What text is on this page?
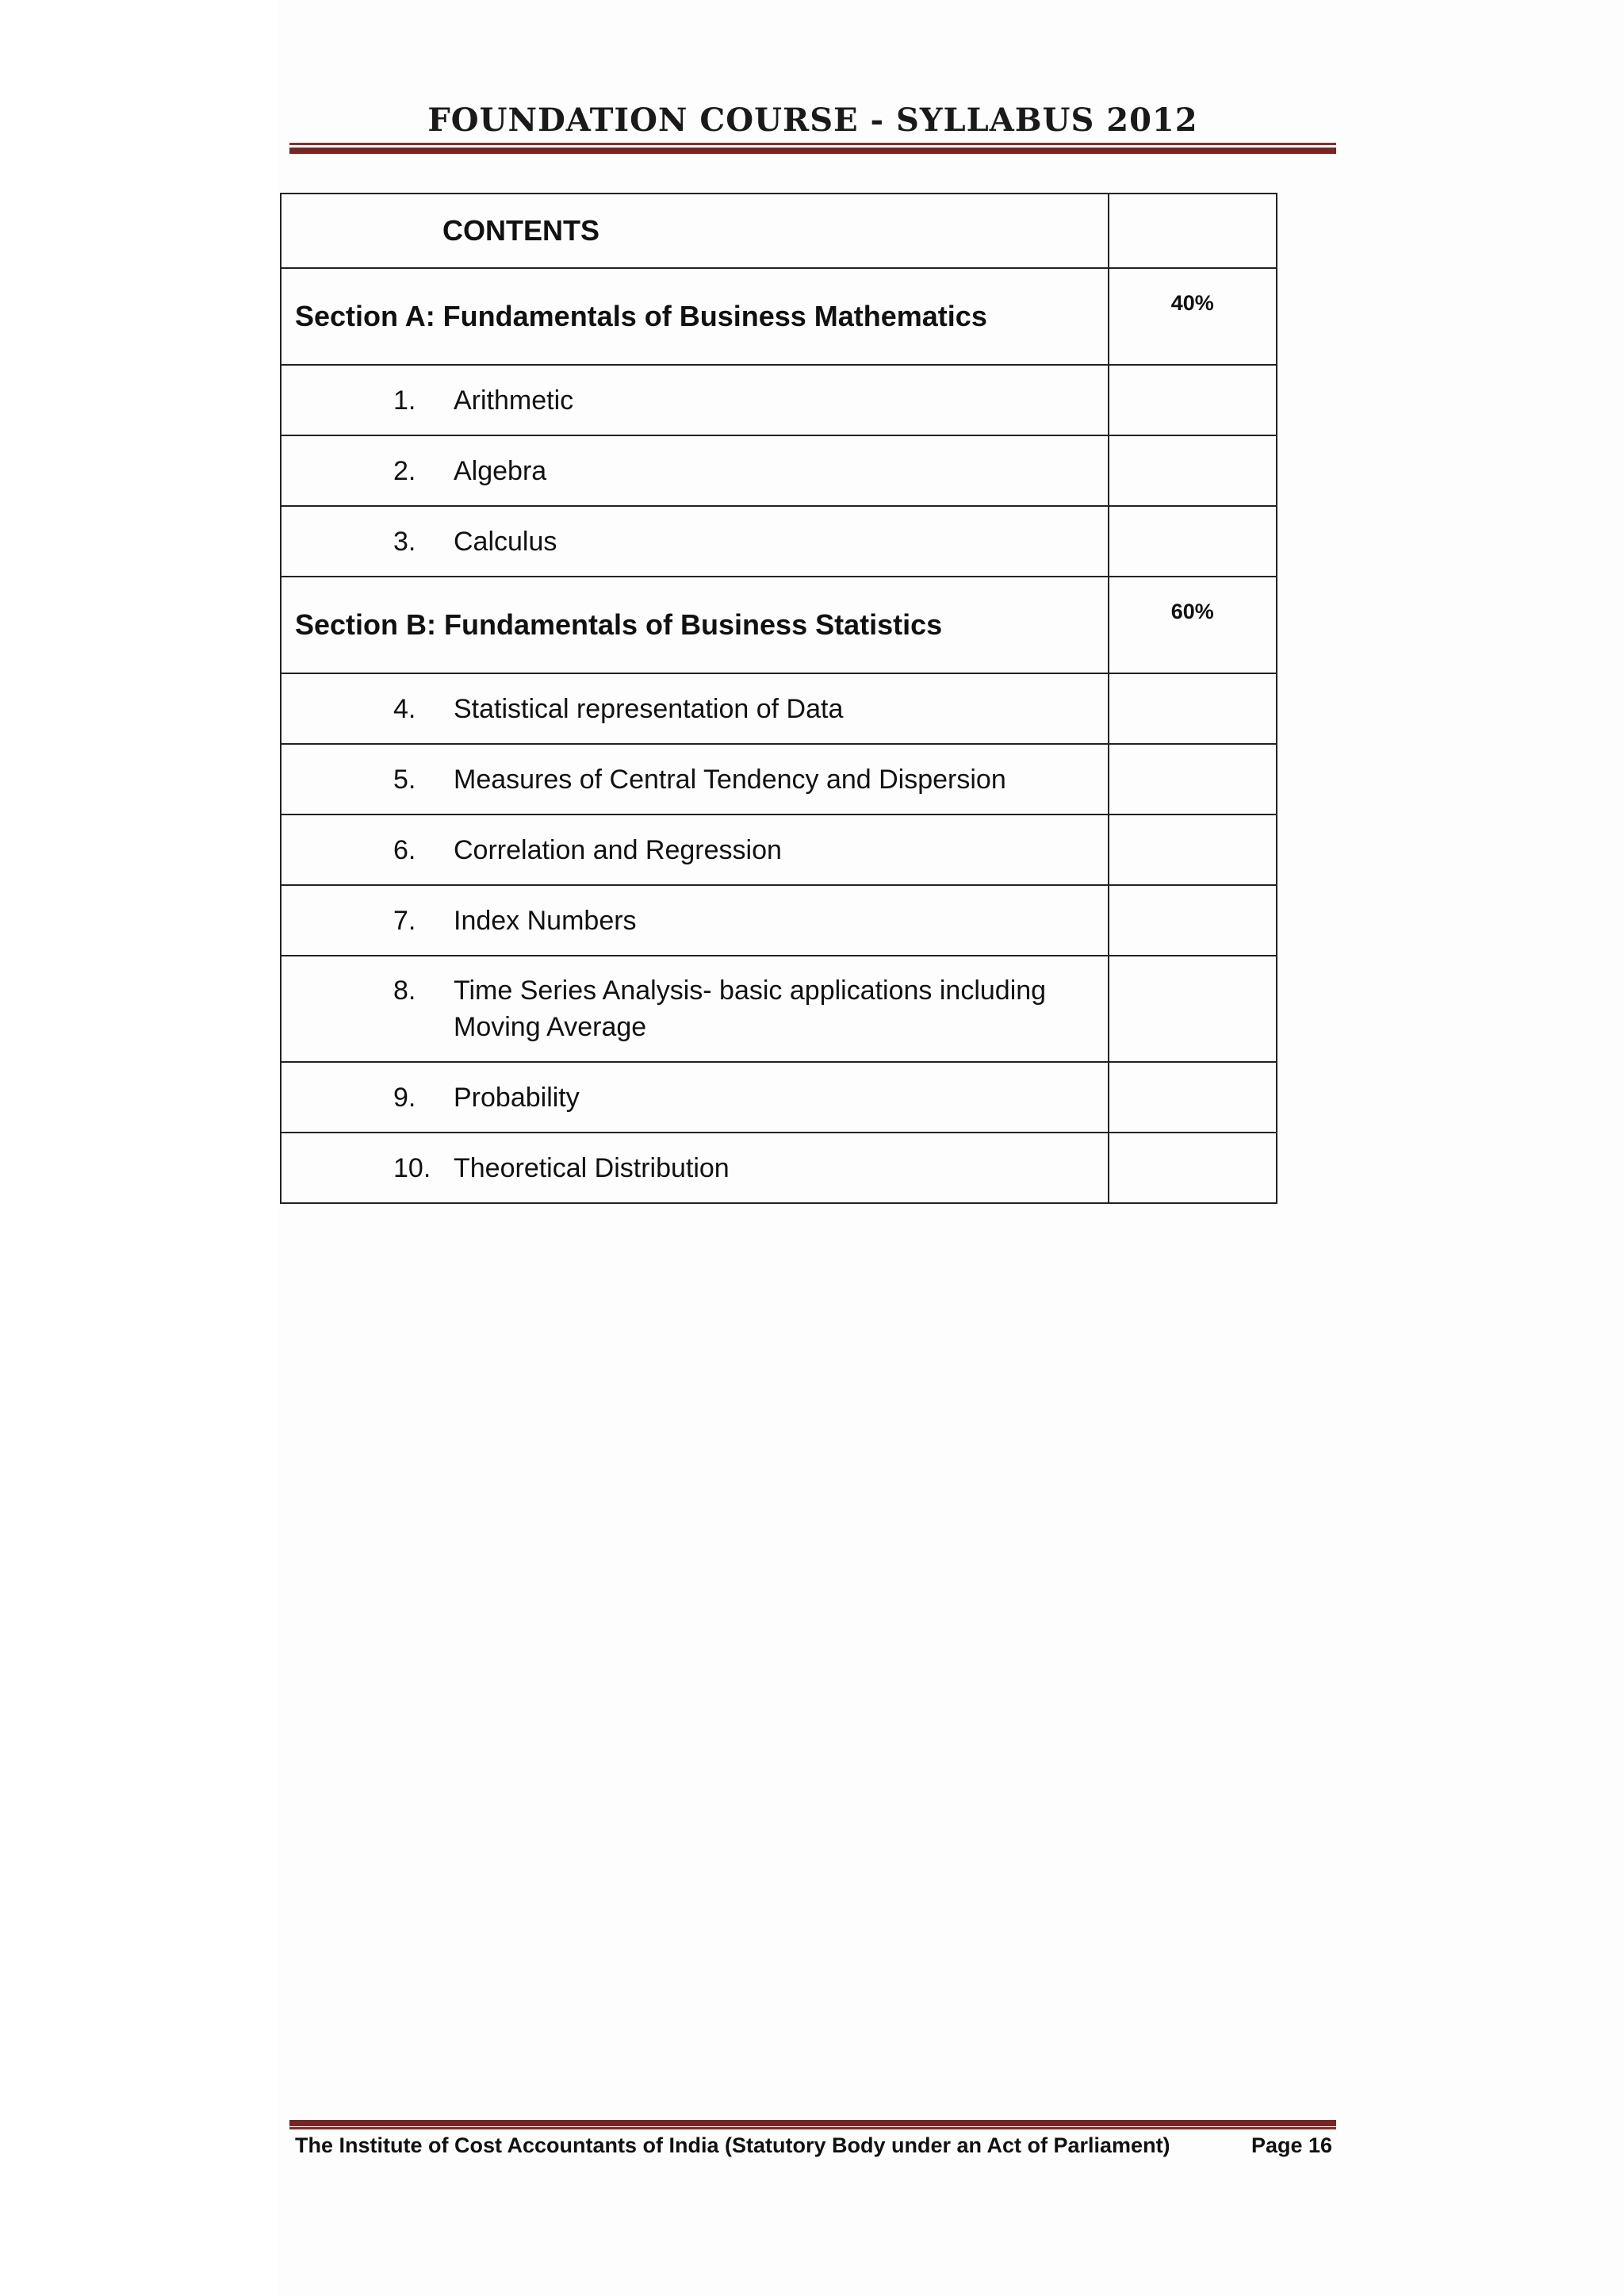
FOUNDATION COURSE - SYLLABUS 2012
CONTENTS	
Section A: Fundamentals of Business Mathematics	40%

1. Arithmetic	

2. Algebra	

3. Calculus	

Section B: Fundamentals of Business Statistics	60%

4. Statistical representation of Data	

5. Measures of Central Tendency and Dispersion	

6. Correlation and Regression	

7. Index Numbers	

8. Time Series Analysis- basic applications including Moving Average	

9. Probability	

10. Theoretical Distribution	

The Institute of Cost Accountants of India (Statutory Body under an Act of Parliament)	Page 16
